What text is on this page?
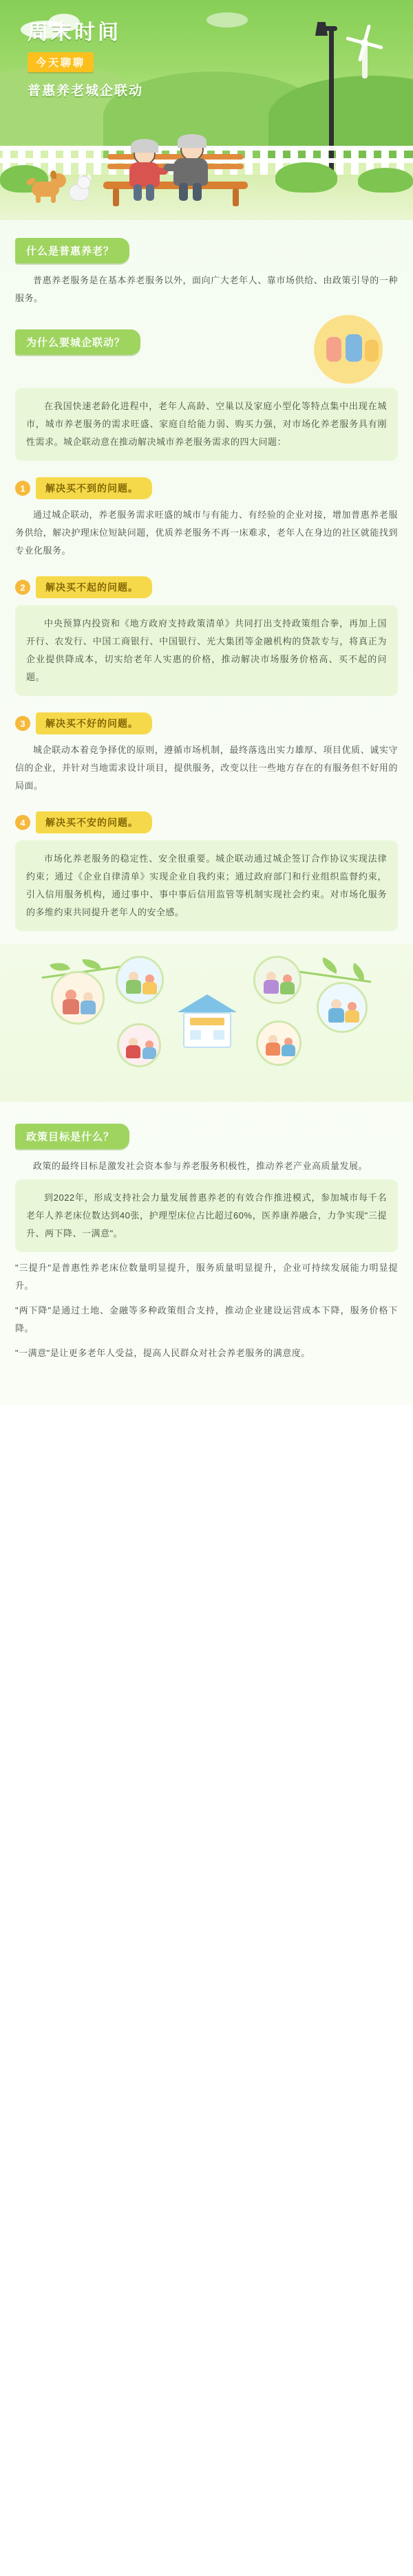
周末时间
今天聊聊
普惠养老城企联动
什么是普惠养老？
普惠养老服务是在基本养老服务以外，面向广大老年人、靠市场供给、由政策引导的一种服务。
为什么要城企联动？
在我国快速老龄化进程中，老年人高龄、空巢以及家庭小型化等特点集中出现在城市，城市养老服务的需求旺盛、家庭自给能力弱、购买力强，对市场化养老服务具有刚性需求。城企联动意在推动解决城市养老服务需求的四大问题：
1	解决买不到的问题。
通过城企联动，养老服务需求旺盛的城市与有能力、有经验的企业对接，增加普惠养老服务供给，解决护理床位短缺问题，优质养老服务不再一床难求，老年人在身边的社区就能找到专业化服务。
2	解决买不起的问题。
中央预算内投资和《地方政府支持政策清单》共同打出支持政策组合拳，再加上国开行、农发行、中国工商银行、中国银行、光大集团等金融机构的贷款专与，将真正为企业提供降成本，切实给老年人实惠的价格，推动解决市场服务价格高、买不起的问题。
3	解决买不好的问题。
城企联动本着竞争择优的原则，遵循市场机制，最终落选出实力雄厚、项目优质、诚实守信的企业，并针对当地需求设计项目，提供服务，改变以往一些地方存在的有服务但不好用的局面。
4	解决买不安的问题。
市场化养老服务的稳定性、安全很重要。城企联动通过城企签订合作协议实现法律约束；通过《企业自律清单》实现企业自我约束；通过政府部门和行业组织监督约束，引入信用服务机构，通过事中、事中事后信用监管等机制实现社会约束。对市场化服务的多维约束共同提升老年人的安全感。
政策目标是什么？
政策的最终目标是激发社会资本参与养老服务积极性，推动养老产业高质量发展。
到2022年，形成支持社会力量发展普惠养老的有效合作推进模式，参加城市每千名老年人养老床位数达到40张，护理型床位占比超过60%，医养康养融合，力争实现"三提升、两下降、一满意"。
"三提升"是普惠性养老床位数量明显提升，服务质量明显提升，企业可持续发展能力明显提升。
"两下降"是通过土地、金融等多种政策组合支持，推动企业建设运营成本下降，服务价格下降。
"一满意"是让更多老年人受益，提高人民群众对社会养老服务的满意度。
